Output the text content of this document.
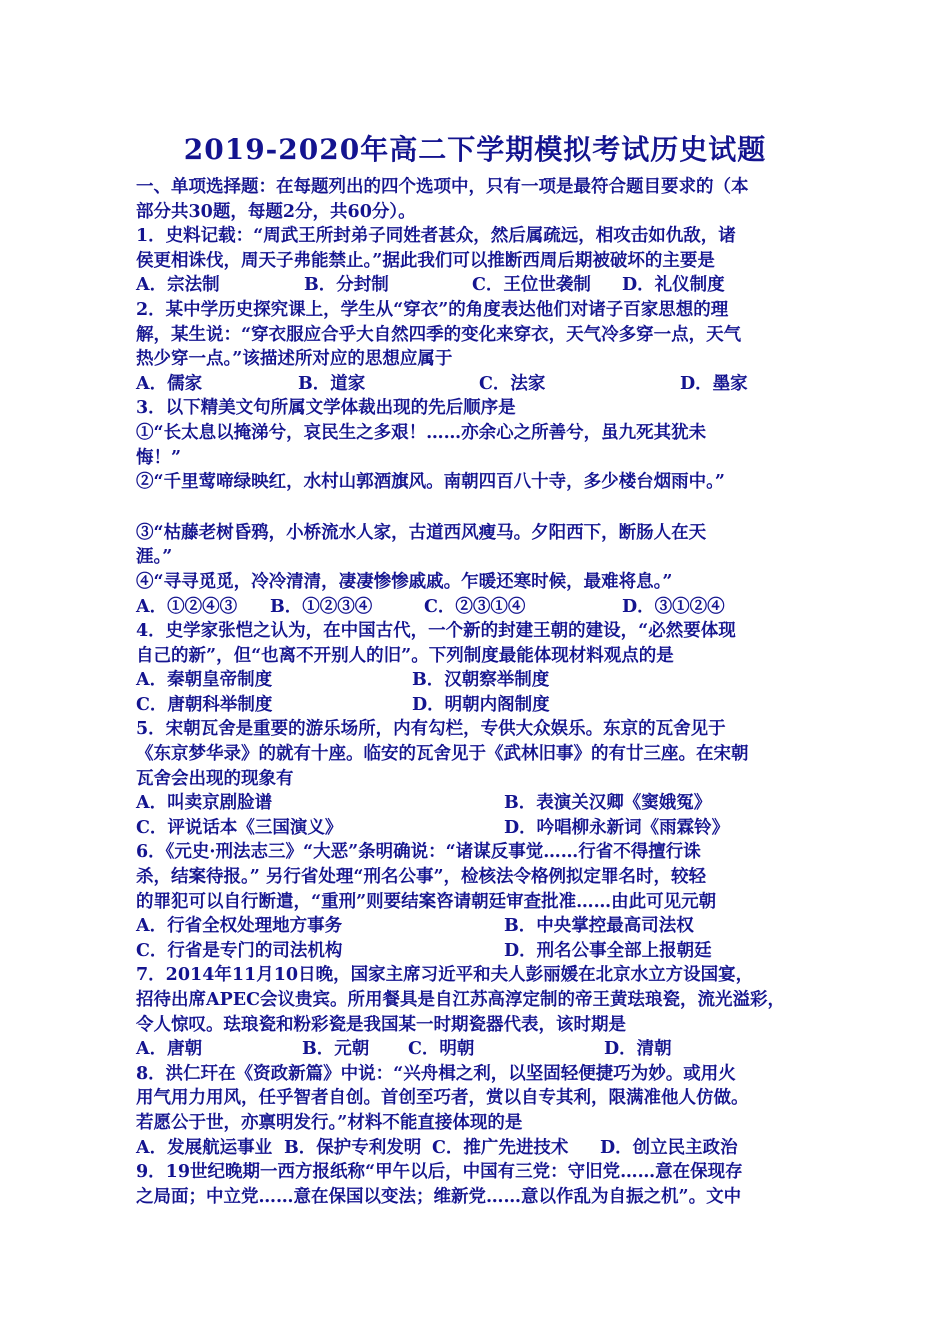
2019-2020年高二下学期模拟考试历史试题
一、单项选择题：在每题列出的四个选项中，只有一项是最符合题目要求的（本
部分共30题，每题2分，共60分）。
1．史料记载：“周武王所封弟子同姓者甚众，然后属疏远，相攻击如仇敌，诸
侯更相诛伐，周天子弗能禁止。”据此我们可以推断西周后期被破坏的主要是
A．宗法制	B．分封制	C．王位世袭制	D．礼仪制度
2．某中学历史探究课上，学生从“穿衣”的角度表达他们对诸子百家思想的理
解，某生说：“穿衣服应合乎大自然四季的变化来穿衣，天气冷多穿一点，天气
热少穿一点。”该描述所对应的思想应属于
A．儒家	B．道家	C．法家	D．墨家
3．以下精美文句所属文学体裁出现的先后顺序是
①“长太息以掩涕兮，哀民生之多艰！……亦余心之所善兮，虽九死其犹未
悔！”
②“千里莺啼绿映红，水村山郭酒旗风。南朝四百八十寺，多少楼台烟雨中。”
③“枯藤老树昏鸦，小桥流水人家，古道西风瘦马。夕阳西下，断肠人在天
涯。”
④“寻寻觅觅，冷冷清清，凄凄惨惨戚戚。乍暖还寒时候，最难将息。”
A．①②④③	B．①②③④	C．②③①④	D．③①②④
4．史学家张恺之认为，在中国古代，一个新的封建王朝的建设，“必然要体现
自己的新”，但“也离不开别人的旧”。下列制度最能体现材料观点的是
A．秦朝皇帝制度	B．汉朝察举制度
C．唐朝科举制度	D．明朝内阁制度
5．宋朝瓦舍是重要的游乐场所，内有勾栏，专供大众娱乐。东京的瓦舍见于
《东京梦华录》的就有十座。临安的瓦舍见于《武林旧事》的有廿三座。在宋朝
瓦舍会出现的现象有
A．叫卖京剧脸谱	B．表演关汉卿《窦娥冤》
C．评说话本《三国演义》	D．吟唱柳永新词《雨霖铃》
6．《元史·刑法志三》“大恶”条明确说：“诸谋反事觉……行省不得擅行诛
杀，结案待报。” 另行省处理“刑名公事”，检核法令格例拟定罪名时，较轻
的罪犯可以自行断遣，“重刑”则要结案咨请朝廷审查批准……由此可见元朝
A．行省全权处理地方事务	B．中央掌控最高司法权
C．行省是专门的司法机构	D．刑名公事全部上报朝廷
7．2014年11月10日晚，国家主席习近平和夫人彭丽媛在北京水立方设国宴，
招待出席APEC会议贵宾。所用餐具是自江苏高淳定制的帝王黄珐琅瓷，流光溢彩，
令人惊叹。珐琅瓷和粉彩瓷是我国某一时期瓷器代表，该时期是
A．唐朝	B．元朝	C．明朝	D．清朝
8．洪仁玕在《资政新篇》中说：“兴舟楫之利，以坚固轻便捷巧为妙。或用火
用气用力用风，任乎智者自创。首创至巧者，赏以自专其利，限满准他人仿做。
若愿公于世，亦禀明发行。”材料不能直接体现的是
A．发展航运事业 B．保护专利发明 C．推广先进技术	D．创立民主政治
9．19世纪晚期一西方报纸称“甲午以后，中国有三党：守旧党……意在保现存
之局面；中立党……意在保国以变法；维新党……意以作乱为自振之机”。文中
